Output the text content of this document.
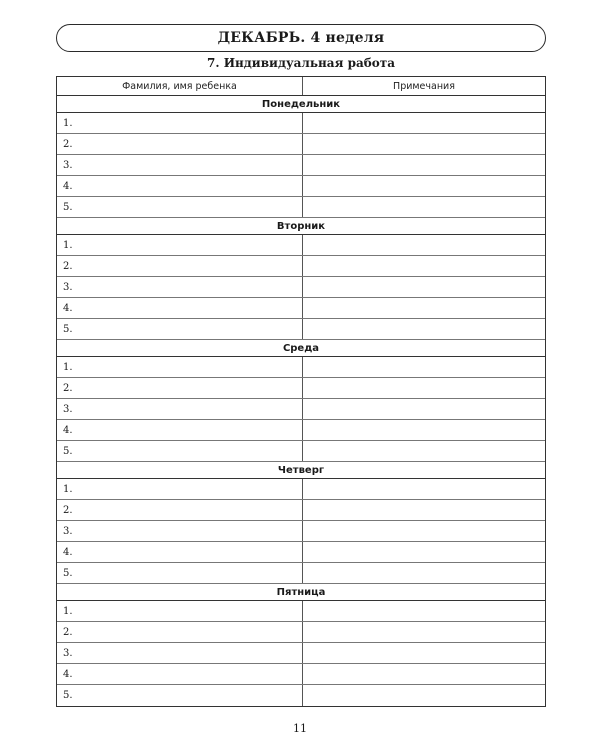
ДЕКАБРЬ. 4 неделя
7. Индивидуальная работа
Фамилия, имя ребенка	Примечания
Понедельник
1.
2.
3.
4.
5.
Вторник
1.
2.
3.
4.
5.
Среда
1.
2.
3.
4.
5.
Четверг
1.
2.
3.
4.
5.
Пятница
1.
2.
3.
4.
5.
11
